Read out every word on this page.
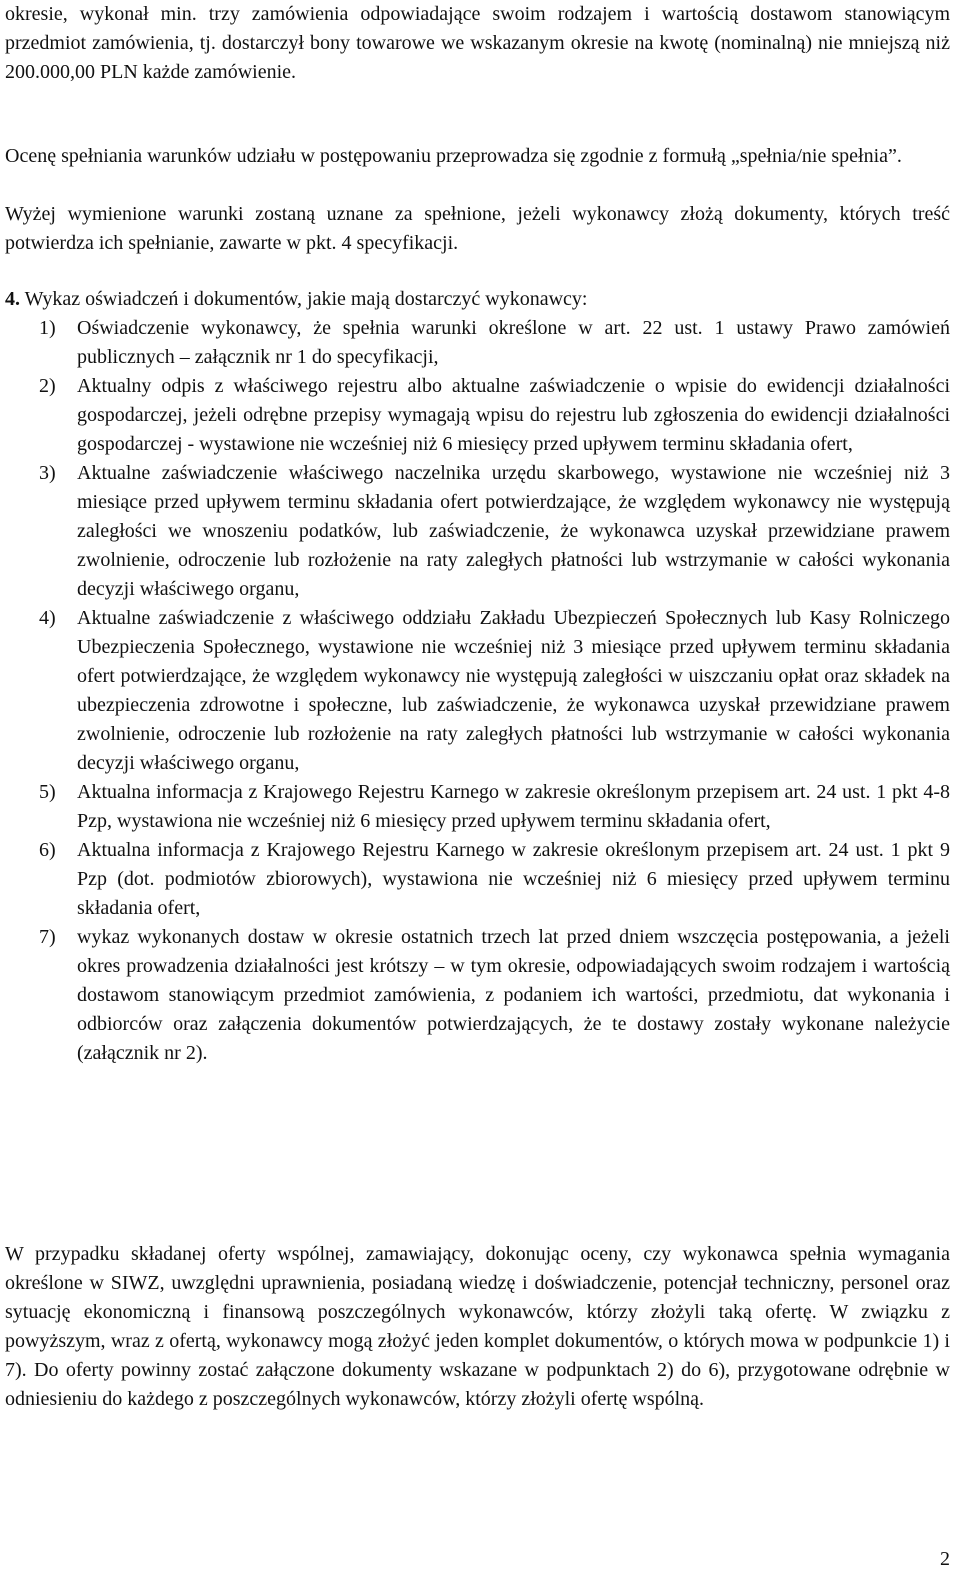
okresie, wykonał min. trzy zamówienia odpowiadające swoim rodzajem i wartością dostawom stanowiącym przedmiot zamówienia, tj. dostarczył bony towarowe we wskazanym okresie na kwotę (nominalną) nie mniejszą niż 200.000,00 PLN każde zamówienie.

Ocenę spełniania warunków udziału w postępowaniu przeprowadza się zgodnie z formułą „spełnia/nie spełnia”.

Wyżej wymienione warunki zostaną uznane za spełnione, jeżeli wykonawcy złożą dokumenty, których treść potwierdza ich spełnianie, zawarte w pkt. 4 specyfikacji.

4. Wykaz oświadczeń i dokumentów, jakie mają dostarczyć wykonawcy:

1)	Oświadczenie wykonawcy, że spełnia warunki określone w art. 22 ust. 1 ustawy Prawo zamówień publicznych – załącznik nr 1 do specyfikacji,
2)	Aktualny odpis z właściwego rejestru albo aktualne zaświadczenie o wpisie do ewidencji działalności gospodarczej, jeżeli odrębne przepisy wymagają wpisu do rejestru lub zgłoszenia do ewidencji działalności gospodarczej - wystawione nie wcześniej niż 6 miesięcy przed upływem terminu składania ofert,
3)	Aktualne zaświadczenie właściwego naczelnika urzędu skarbowego, wystawione nie wcześniej niż 3 miesiące przed upływem terminu składania ofert potwierdzające, że względem wykonawcy nie występują zaległości we wnoszeniu podatków, lub zaświadczenie, że wykonawca uzyskał przewidziane prawem zwolnienie, odroczenie lub rozłożenie na raty zaległych płatności lub wstrzymanie w całości wykonania decyzji właściwego organu,
4)	Aktualne zaświadczenie z właściwego oddziału Zakładu Ubezpieczeń Społecznych lub Kasy Rolniczego Ubezpieczenia Społecznego, wystawione nie wcześniej niż 3 miesiące przed upływem terminu składania ofert potwierdzające, że względem wykonawcy nie występują zaległości w uiszczaniu opłat oraz składek na ubezpieczenia zdrowotne i społeczne, lub zaświadczenie, że wykonawca uzyskał przewidziane prawem zwolnienie, odroczenie lub rozłożenie na raty zaległych płatności lub wstrzymanie w całości wykonania decyzji właściwego organu,
5)	Aktualna informacja z Krajowego Rejestru Karnego w zakresie określonym przepisem art. 24 ust. 1 pkt 4-8 Pzp, wystawiona nie wcześniej niż 6 miesięcy przed upływem terminu składania ofert,
6)	Aktualna informacja z Krajowego Rejestru Karnego w zakresie określonym przepisem art. 24 ust. 1 pkt 9 Pzp (dot. podmiotów zbiorowych), wystawiona nie wcześniej niż 6 miesięcy przed upływem terminu składania ofert,
7)	wykaz wykonanych dostaw w okresie ostatnich trzech lat przed dniem wszczęcia postępowania, a jeżeli okres prowadzenia działalności jest krótszy – w tym okresie, odpowiadających swoim rodzajem i wartością dostawom stanowiącym przedmiot zamówienia, z podaniem ich wartości, przedmiotu, dat wykonania i odbiorców oraz załączenia dokumentów potwierdzających, że te dostawy zostały wykonane należycie (załącznik nr 2).

W przypadku składanej oferty wspólnej, zamawiający, dokonując oceny, czy wykonawca spełnia wymagania określone w SIWZ, uwzględni uprawnienia, posiadaną wiedzę i doświadczenie, potencjał techniczny, personel oraz sytuację ekonomiczną i finansową poszczególnych wykonawców, którzy złożyli taką ofertę. W związku z powyższym, wraz z ofertą, wykonawcy mogą złożyć jeden komplet dokumentów, o których mowa w podpunkcie 1) i 7). Do oferty powinny zostać załączone dokumenty wskazane w podpunktach 2) do 6), przygotowane odrębnie w odniesieniu do każdego z poszczególnych wykonawców, którzy złożyli ofertę wspólną.

2
